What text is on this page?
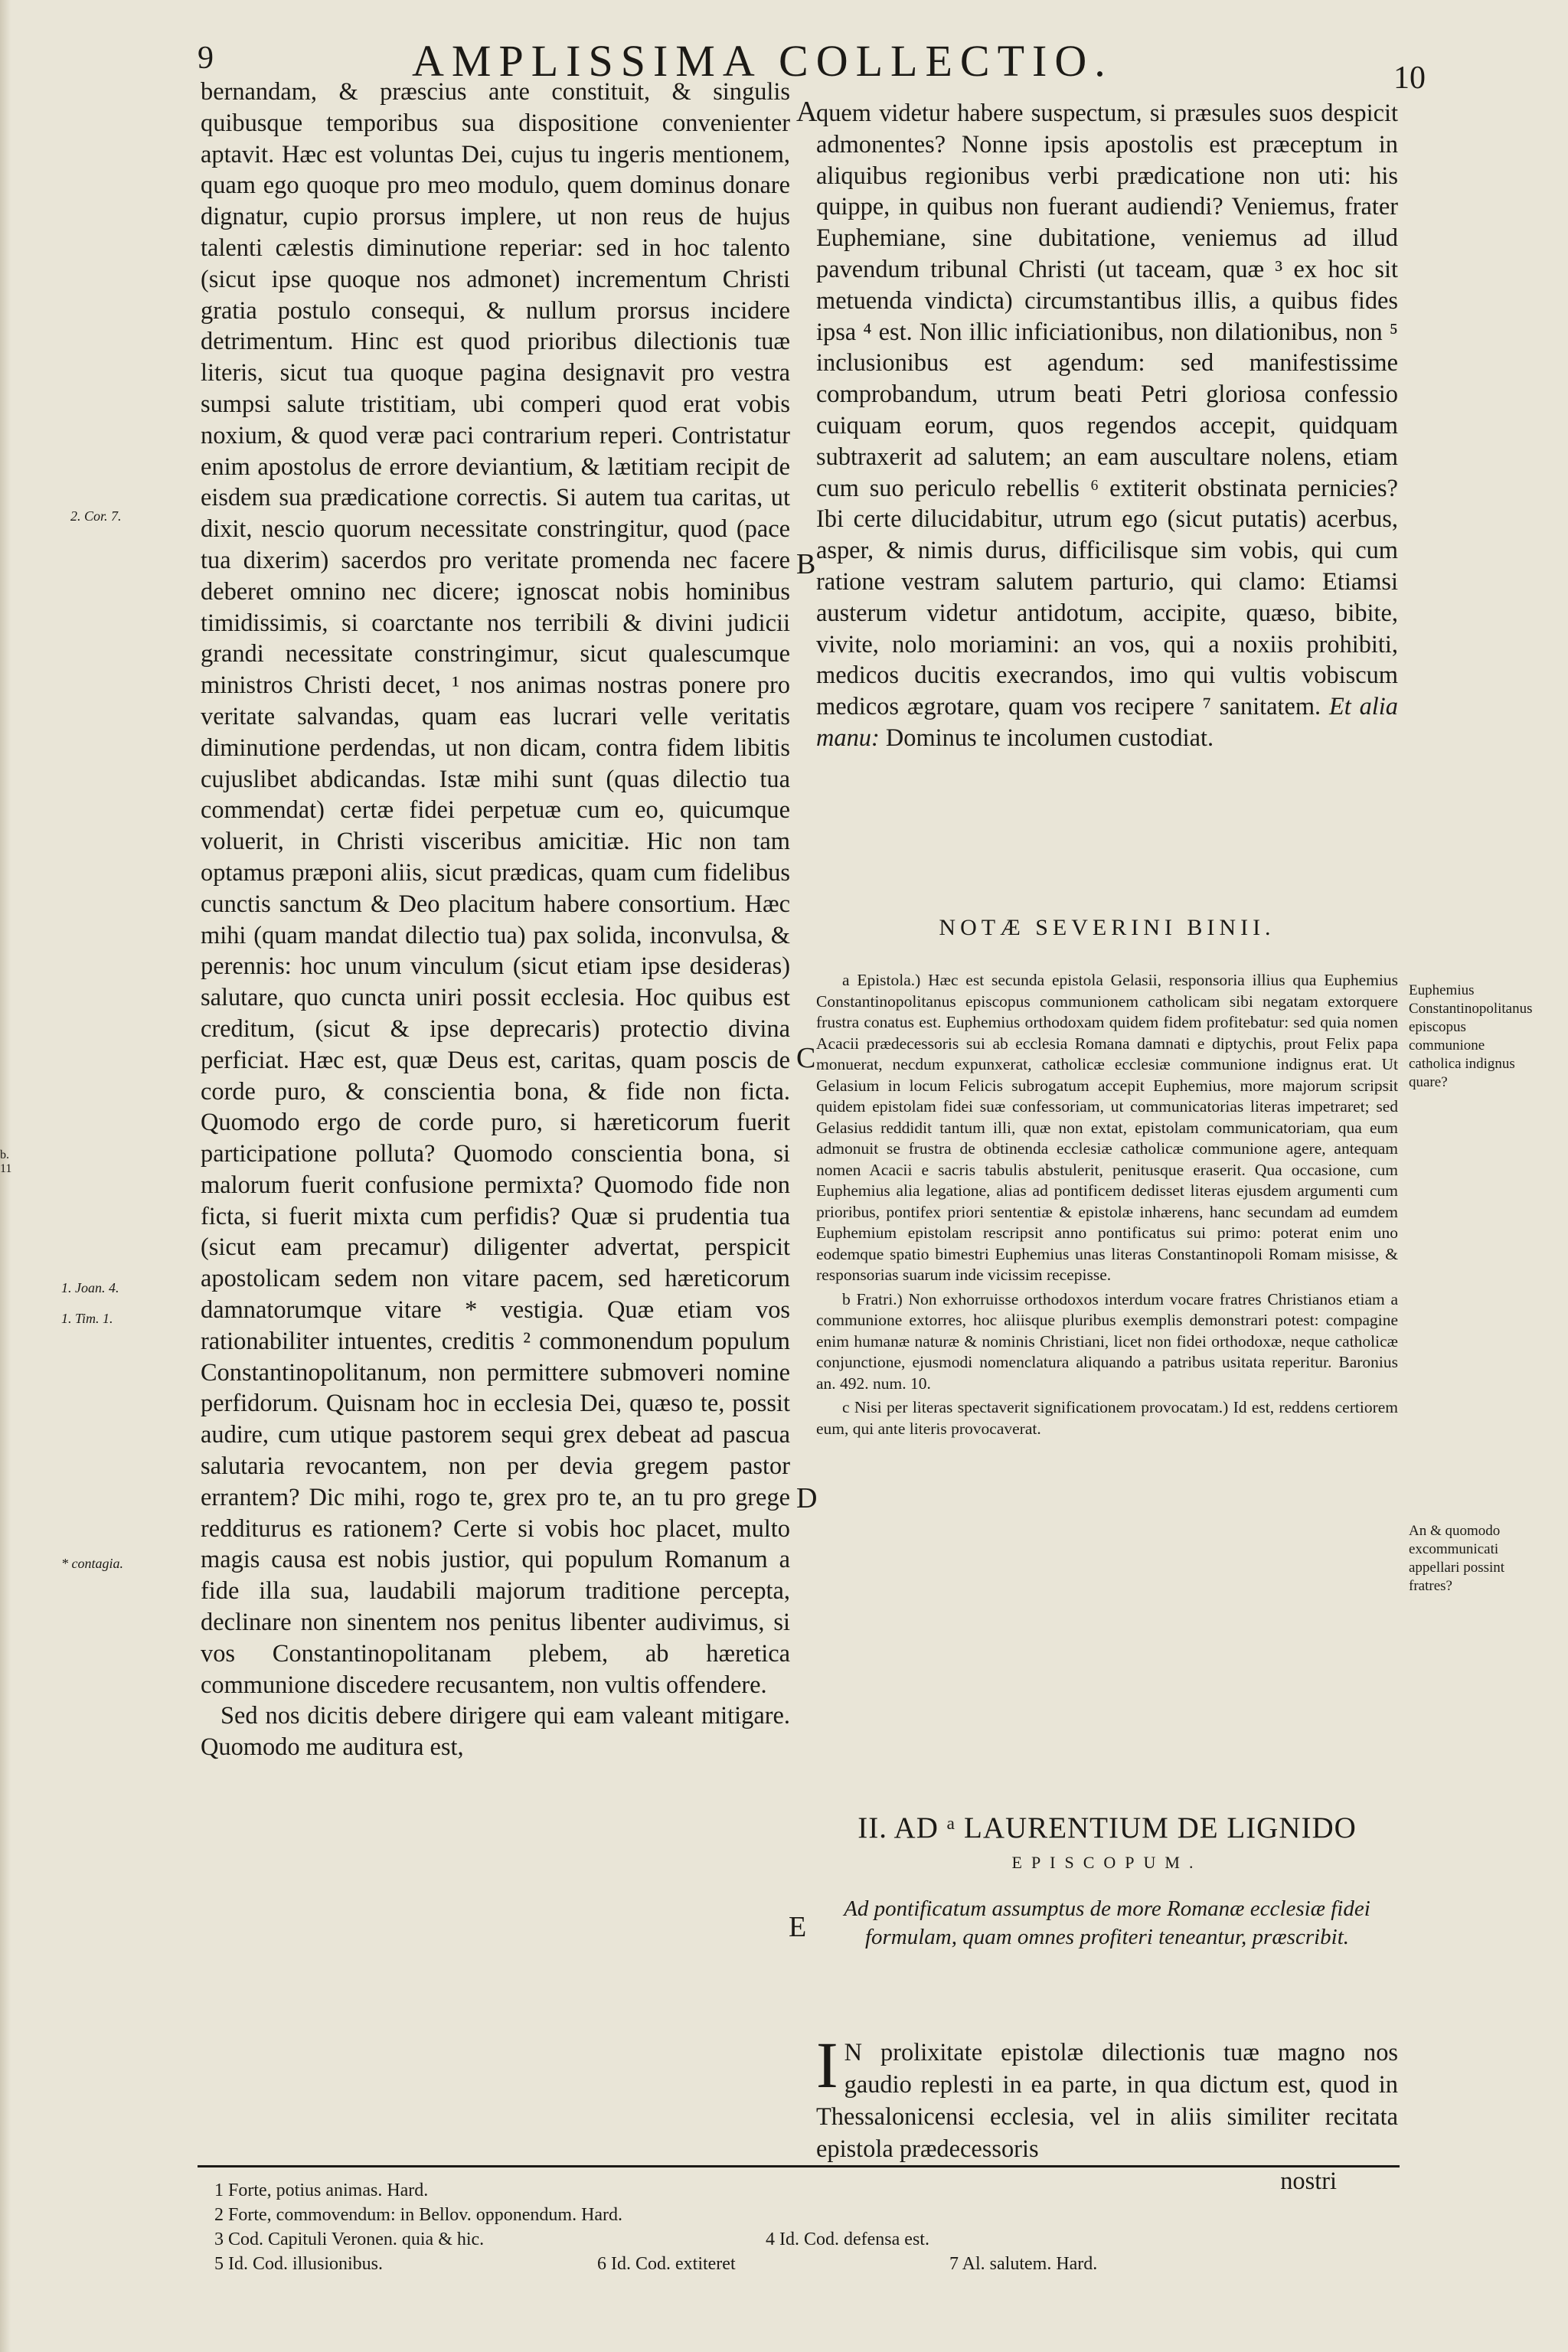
b. 11
9	AMPLISSIMA COLLECTIO.	10

bernandam, & præscius ante constituit, & singulis quibusque temporibus sua dispositione convenienter aptavit. Hæc est voluntas Dei, cujus tu ingeris mentionem, quam ego quoque pro meo modulo, quem dominus donare dignatur, cupio prorsus implere, ut non reus de hujus talenti cælestis diminutione reperiar: sed in hoc talento (sicut ipse quoque nos admonet) incrementum Christi gratia postulo consequi, & nullum prorsus incidere detrimentum. Hinc est quod prioribus dilectionis tuæ literis, sicut tua quoque pagina designavit pro vestra sumpsi salute tristitiam, ubi comperi quod erat vobis noxium, & quod veræ paci contrarium reperi. Contristatur enim apostolus de errore deviantium, & lætitiam recipit de eisdem sua prædicatione correctis. Si autem tua caritas, ut dixit, nescio quorum necessitate constringitur, quod (pace tua dixerim) sacerdos pro veritate promenda nec facere deberet omnino nec dicere; ignoscat nobis hominibus timidissimis, si coarctante nos terribili & divini judicii grandi necessitate constringimur, sicut qualescumque ministros Christi decet, ¹ nos animas nostras ponere pro veritate salvandas, quam eas lucrari velle veritatis diminutione perdendas, ut non dicam, contra fidem libitis cujuslibet abdicandas. Istæ mihi sunt (quas dilectio tua commendat) certæ fidei perpetuæ cum eo, quicumque voluerit, in Christi visceribus amicitiæ. Hic non tam optamus præponi aliis, sicut prædicas, quam cum fidelibus cunctis sanctum & Deo placitum habere consortium. Hæc mihi (quam mandat dilectio tua) pax solida, inconvulsa, & perennis: hoc unum vinculum (sicut etiam ipse desideras) salutare, quo cuncta uniri possit ecclesia. Hoc quibus est creditum, (sicut & ipse deprecaris) protectio divina perficiat. Hæc est, quæ Deus est, caritas, quam poscis de corde puro, & conscientia bona, & fide non ficta. Quomodo ergo de corde puro, si hæreticorum fuerit participatione polluta? Quomodo conscientia bona, si malorum fuerit confusione permixta? Quomodo fide non ficta, si fuerit mixta cum perfidis? Quæ si prudentia tua (sicut eam precamur) diligenter advertat, perspicit apostolicam sedem non vitare pacem, sed hæreticorum damnatorumque vitare * vestigia. Quæ etiam vos rationabiliter intuentes, creditis ² commonendum populum Constantinopolitanum, non permittere submoveri nomine perfidorum. Quisnam hoc in ecclesia Dei, quæso te, possit audire, cum utique pastorem sequi grex debeat ad pascua salutaria revocantem, non per devia gregem pastor errantem? Dic mihi, rogo te, grex pro te, an tu pro grege redditurus es rationem? Certe si vobis hoc placet, multo magis causa est nobis justior, qui populum Romanum a fide illa sua, laudabili majorum traditione percepta, declinare non sinentem nos penitus libenter audivimus, si vos Constantinopolitanam plebem, ab hæretica communione discedere recusantem, non vultis offendere.

Sed nos dicitis debere dirigere qui eam valeant mitigare. Quomodo me auditura est,

2. Cor. 7.
1. Joan. 4.
1. Tim. 1.
* contagia.
A
B
C
D
E

quem videtur habere suspectum, si præsules suos despicit admonentes? Nonne ipsis apostolis est præceptum in aliquibus regionibus verbi prædicatione non uti: his quippe, in quibus non fuerant audiendi? Veniemus, frater Euphemiane, sine dubitatione, veniemus ad illud pavendum tribunal Christi (ut taceam, quæ ³ ex hoc sit metuenda vindicta) circumstantibus illis, a quibus fides ipsa ⁴ est. Non illic inficiationibus, non dilationibus, non ⁵ inclusionibus est agendum: sed manifestissime comprobandum, utrum beati Petri gloriosa confessio cuiquam eorum, quos regendos accepit, quidquam subtraxerit ad salutem; an eam auscultare nolens, etiam cum suo periculo rebellis ⁶ extiterit obstinata pernicies? Ibi certe dilucidabitur, utrum ego (sicut putatis) acerbus, asper, & nimis durus, difficilisque sim vobis, qui cum ratione vestram salutem parturio, qui clamo: Etiamsi austerum videtur antidotum, accipite, quæso, bibite, vivite, nolo moriamini: an vos, qui a noxiis prohibiti, medicos ducitis execrandos, imo qui vultis vobiscum medicos ægrotare, quam vos recipere ⁷ sanitatem. Et alia manu: Dominus te incolumen custodiat.

NOTÆ SEVERINI BINII.

a Epistola.) Hæc est secunda epistola Gelasii, responsoria illius qua Euphemius Constantinopolitanus episcopus communionem catholicam sibi negatam extorquere frustra conatus est. Euphemius orthodoxam quidem fidem profitebatur: sed quia nomen Acacii prædecessoris sui ab ecclesia Romana damnati e diptychis, prout Felix papa monuerat, necdum expunxerat, catholicæ ecclesiæ communione indignus erat. Ut Gelasium in locum Felicis subrogatum accepit Euphemius, more majorum scripsit quidem epistolam fidei suæ confessoriam, ut communicatorias literas impetraret; sed Gelasius reddidit tantum illi, quæ non extat, epistolam communicatoriam, qua eum admonuit se frustra de obtinenda ecclesiæ catholicæ communione agere, antequam nomen Acacii e sacris tabulis abstulerit, penitusque eraserit. Qua occasione, cum Euphemius alia legatione, alias ad pontificem dedisset literas ejusdem argumenti cum prioribus, pontifex priori sententiæ & epistolæ inhærens, hanc secundam ad eumdem Euphemium epistolam rescripsit anno pontificatus sui primo: poterat enim uno eodemque spatio bimestri Euphemius unas literas Constantinopoli Romam misisse, & responsorias suarum inde vicissim recepisse.

b Fratri.) Non exhorruisse orthodoxos interdum vocare fratres Christianos etiam a communione extorres, hoc aliisque pluribus exemplis demonstrari potest: compagine enim humanæ naturæ & nominis Christiani, licet non fidei orthodoxæ, neque catholicæ conjunctione, ejusmodi nomenclatura aliquando a patribus usitata reperitur. Baronius an. 492. num. 10.

c Nisi per literas spectaverit significationem provocatam.) Id est, reddens certiorem eum, qui ante literis provocaverat.

Euphemius Constantinopolitanus episcopus communione catholica indignus quare?
An & quomodo excommunicati appellari possint fratres?
II. AD ᵃ LAURENTIUM DE LIGNIDO
EPISCOPUM.
Ad pontificatum assumptus de more Romanæ ecclesiæ fidei formulam, quam omnes profiteri teneantur, præscribit.

I N prolixitate epistolæ dilectionis tuæ magno nos gaudio replesti in ea parte, in qua dictum est, quod in Thessalonicensi ecclesia, vel in aliis similiter recitata epistola prædecessoris

nostri
1 Forte, potius animas. Hard.
2 Forte, commovendum: in Bellov. opponendum. Hard.
3 Cod. Capituli Veronen. quia & hic.	4 Id. Cod. defensa est.
5 Id. Cod. illusionibus.	6 Id. Cod. extiteret	7 Al. salutem. Hard.
